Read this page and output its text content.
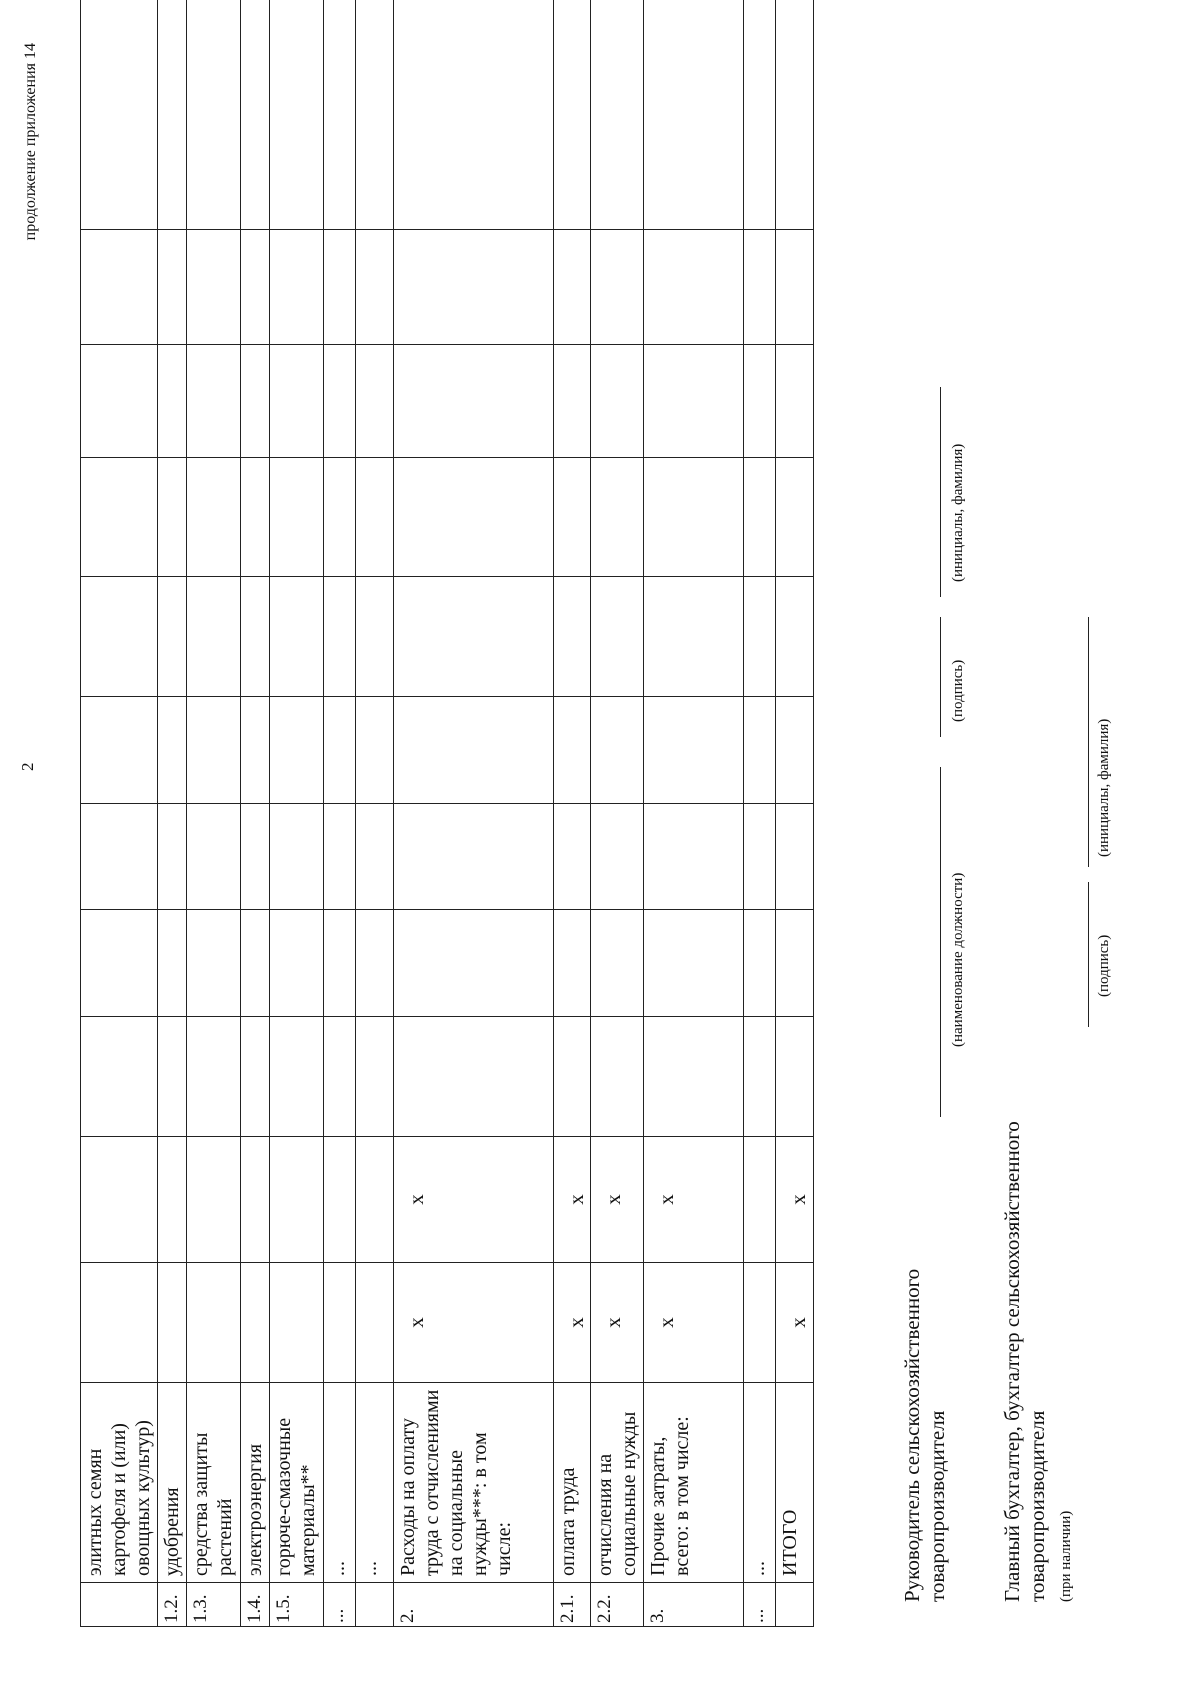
продолжение приложения 14
2
	элитных семян картофеля и (или) овощных культур)											
1.2.	удобрения											
1.3.	средства защиты растений											
1.4.	электроэнергия											
1.5.	горюче-смазочные материалы**											
...	...											
	...											
2.	Расходы на оплату труда с отчислениями на социальные нужды***: в том числе:	x	x									
2.1.	оплата труда	x	x									
2.2.	отчисления на социальные нужды	x	x									
3.	Прочие затраты, всего: в том числе:	x	x									
...	...											
	ИТОГО	x	x									
Руководитель сельскохозяйственного товаропроизводителя
(наименование должности)
(подпись)
(инициалы, фамилия)
Главный бухгалтер, бухгалтер сельскохозяйственного товаропроизводителя (при наличии)
(подпись)
(инициалы, фамилия)
